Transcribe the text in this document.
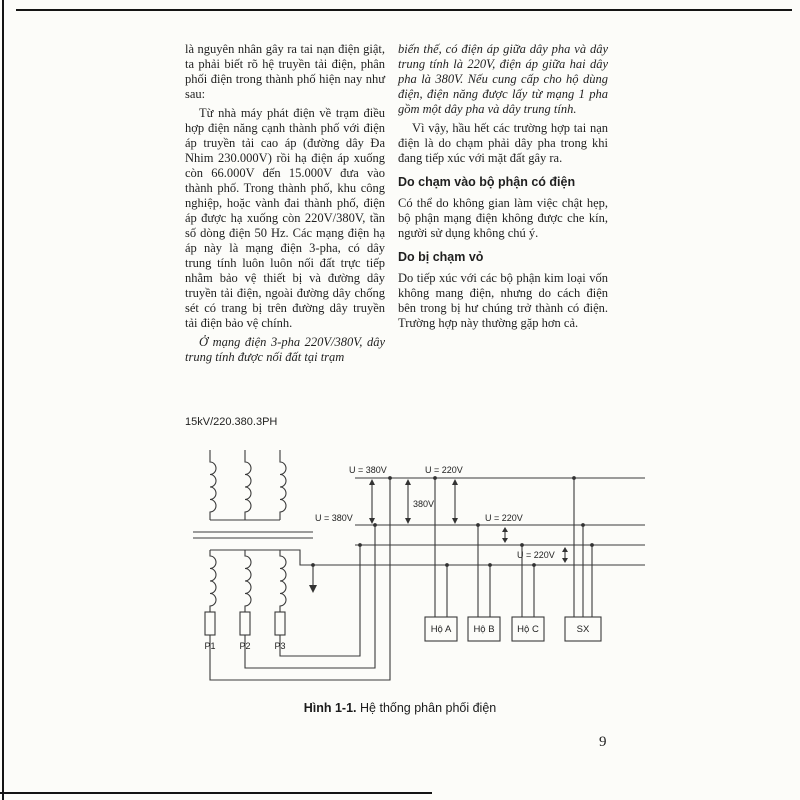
là nguyên nhân gây ra tai nạn điện giật, ta phải biết rõ hệ truyền tải điện, phân phối điện trong thành phố hiện nay như sau:

Từ nhà máy phát điện về trạm điều hợp điện năng cạnh thành phố với điện áp truyền tải cao áp (đường dây Đa Nhim 230.000V) rồi hạ điện áp xuống còn 66.000V đến 15.000V đưa vào thành phố. Trong thành phố, khu công nghiệp, hoặc vành đai thành phố, điện áp được hạ xuống còn 220V/380V, tần số dòng điện 50 Hz. Các mạng điện hạ áp này là mạng điện 3-pha, có dây trung tính luôn luôn nối đất trực tiếp nhằm bảo vệ thiết bị và đường dây truyền tải điện, ngoài đường dây chống sét có trang bị trên đường dây truyền tải điện bảo vệ chính.

Ở mạng điện 3-pha 220V/380V, dây trung tính được nối đất tại trạm

biến thế, có điện áp giữa dây pha và dây trung tính là 220V, điện áp giữa hai dây pha là 380V. Nếu cung cấp cho hộ dùng điện, điện năng được lấy từ mạng 1 pha gồm một dây pha và dây trung tính.

Vì vậy, hầu hết các trường hợp tai nạn điện là do chạm phải dây pha trong khi đang tiếp xúc với mặt đất gây ra.

Do chạm vào bộ phận có điện

Có thể do không gian làm việc chật hẹp, bộ phận mạng điện không được che kín, người sử dụng không chú ý.

Do bị chạm vỏ

Do tiếp xúc với các bộ phận kim loại vốn không mang điện, nhưng do cách điện bên trong bị hư chúng trở thành có điện. Trường hợp này thường gặp hơn cả.

15kV/220.380.3PH
U = 380V	U = 220V
380V
U = 380V	U = 220V
U = 220V
P1	P2	P3
Hộ A Hộ B Hộ C	SX
Hình 1-1. Hệ thống phân phối điện
9
